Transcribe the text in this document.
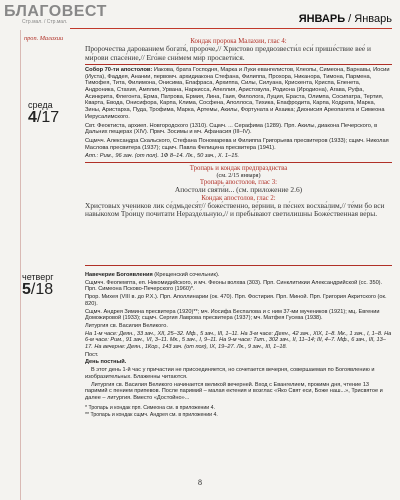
БЛАГОВЕСТ
Стр.мал. / Стр.мал.	ЯНВАРЬ / Январь
проп. Малахии
среда
4/17
четверг
5/18

Кондак пророка Малахии, глас 4:

Пророчества дарованием богатя́, проро́че,// Христово предвозвести́л еси́ прише́ствие вее́ и ми́рови спасе́ние,// Его́же сни́мем ми́р просвети́ся.

Собор 70-ти апостолов: Иакова, брата Господня, Марка и Луки евангелистов, Клеопы, Симеона, Варнавы, Иосии (Иуста), Фаддея, Анании, первомч. архидиакона Стефана, Филиппа, Прохора, Никанора, Тимона, Пармена, Тимофея, Тита, Филимона, Онисима, Епафраса, Архиппа, Силы, Силуана, Крискента, Криспа, Епенета, Андроника, Стахия, Амплия, Урвана, Наркисса, Апеллия, Аристовула, Родиона (Иродиона), Агава, Руфа, Асинкрита, Флегонта, Ерма, Патрова, Ермия, Лина, Гаия, Филолога, Луция, Ераста, Олимпа, Сосипатра, Тертия, Кварта, Евода, Онисифора, Карпа, Клима, Сосфена, Аполлоса, Тихика, Епафродита, Карпа, Кодрата, Марка, Зины, Аристарха, Пуда, Трофима, Марка, Артемы, Акилы, Фортуната и Ахаика; Дионисия Ареопагита и Симеона Иерусалимского.

Свт. Феоктиста, архиеп. Новгородского (1310). Сщмч. ... Серафима (1289). Прп. Акилы, диакона Печерского, в Дальних пещерах (XIV). Прмч. Зосимы и мч. Афанасия (III–IV).

Сщмчч. Александра Скальского, Стефана Пономарева и Филиппа Григорьева пресвитеров (1933); сщмч. Николая Маслова пресвитера (1937); сщмч. Павла Фелицина пресвитера (1941).

Апп.: Рим., 96 зач. (от пол). 1Ф 8–14. Лк., 50 зач., Х. 1–15.

Тропарь и кондак предпразднства

(см. 2/15 января)

Тропарь апостолов, глас 3:

Апостоли святи́и... (см. приложение 2.6)

Кондак апостолов, глас 2:

Христовых учеников лик се́дмьдеся́т// боже́ственно, ве́рнии, в пе́снех восхва́лим,// те́ми бо вси навы́кохом Тро́ицу почитати Неразде́льную,// и пребы́вают светилишны Боже́ственная ве́ры.

Навечерие Богоявления (Крещенский сочельник).

Сщмчч. Феопемпта, еп. Никомидийского, и мч. Феоны волхва (303). Прп. Синклитикии Александрийской (сс. 350). Прп. Симеона Псково-Печерского (1960)*.

Прор. Михея (VIII в. до Р.Х.). Прп. Аполлинарии (ок. 470). Прп. Фостирия. Прп. Миной. Прп. Григория Акритского (ок. 820).

Сщмч. Андрея Зимина пресвитера (1920)**; мч. Иосифа Беспалова и с ним 37-ми мучеников (1921); мц. Евгении Доможировой (1933); сщмч. Сергия Лаврова пресвитера (1937); мч. Матфея Гусева (1938).

Литургия св. Василия Великого.

На 1-м часе: Деян., 33 зач., XII, 25–32. Мф., 5 зач., III, 1–11. На 3-м часе: Деян., 42 зач., XIX, 1–8. Мк., 1 зач., I, 1–8. На 6-м часе: Рим., 91 зач., VI, 3–11. Мк., 5 зач., I, 9–11. На 9-м часе: Тит., 302 зач., II, 11–14; III, 4–7. Мф., 6 зач., III, 13–17. На вечерне: Деян., 1Кор., 143 зач. (от пол), IX, 19–27. Лк., 9 зач., III, 1–18.

Пост.

День постный.

В этот день 1-й час у причастии не присоединяется, но сочетается вечерня, совершаемая по Богоявлению и изобразительных. Блаженны читаются.

Литургия св. Василия Великого начинается великой вечерней. Вход с Евангелием, прокимн дня, чтение 13 паримий с пением припевов. После паримий – малая ектения и возглас «Яко Свят еси, Боже наш...», Трисвятое и далее – литургия. Вместо «Достойно»...

* Тропарь и кондак прп. Симеона см. в приложении 4.

** Тропарь и кондак сщмч. Андрея см. в приложении 4.

8
